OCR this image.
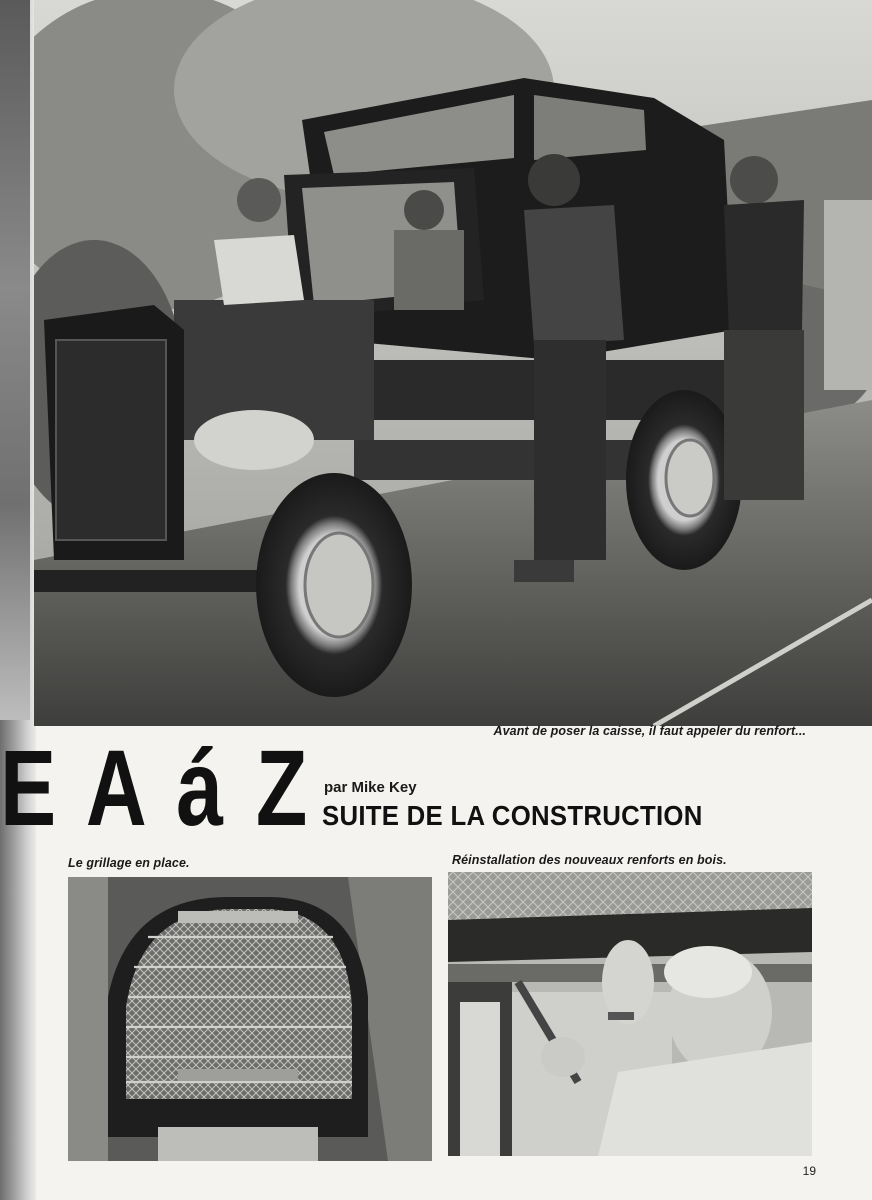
Avant de poser la caisse, il faut appeler du renfort...
E A á Z par Mike Key
SUITE DE LA CONSTRUCTION
Le grillage en place.	Réinstallation des nouveaux renforts en bois.
19
